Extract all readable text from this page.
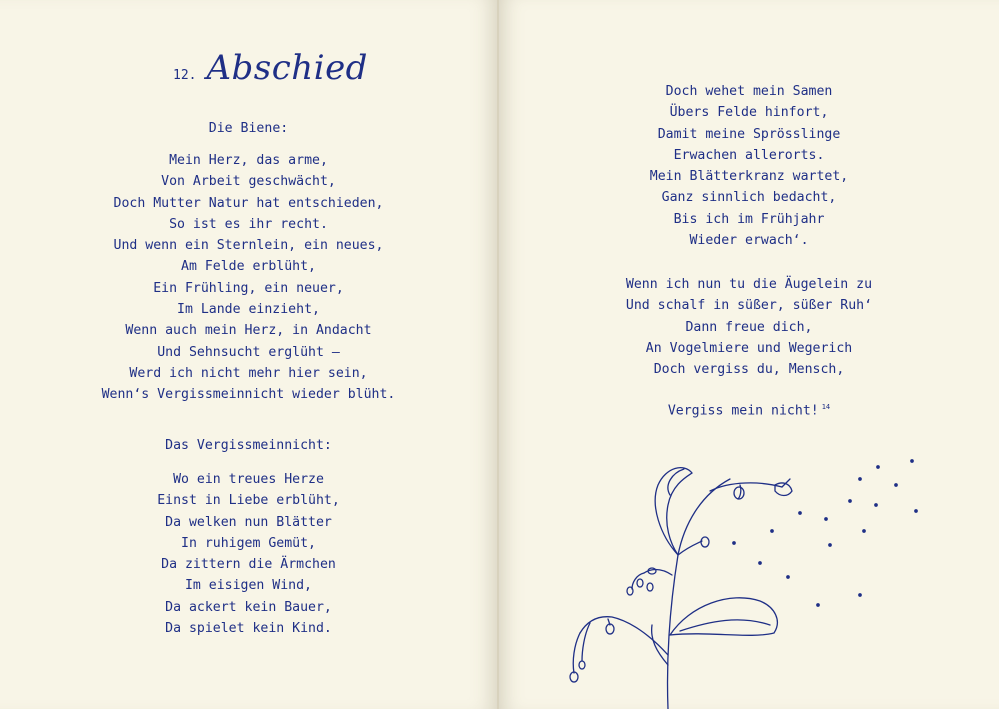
12. Abschied
Die Biene:
Mein Herz, das arme,
Von Arbeit geschwächt,
Doch Mutter Natur hat entschieden,
So ist es ihr recht.
Und wenn ein Sternlein, ein neues,
Am Felde erblüht,
Ein Frühling, ein neuer,
Im Lande einzieht,
Wenn auch mein Herz, in Andacht
Und Sehnsucht erglüht –
Werd ich nicht mehr hier sein,
Wenn‘s Vergissmeinnicht wieder blüht.
Das Vergissmeinnicht:
Wo ein treues Herze
Einst in Liebe erblüht,
Da welken nun Blätter
In ruhigem Gemüt,
Da zittern die Ärmchen
Im eisigen Wind,
Da ackert kein Bauer,
Da spielet kein Kind.
Doch wehet mein Samen
Übers Felde hinfort,
Damit meine Sprösslinge
Erwachen allerorts.
Mein Blätterkranz wartet,
Ganz sinnlich bedacht,
Bis ich im Frühjahr
Wieder erwach‘.
Wenn ich nun tu die Äugelein zu
Und schalf in süßer, süßer Ruh‘
Dann freue dich,
An Vogelmiere und Wegerich
Doch vergiss du, Mensch,
Vergiss mein nicht! $^{14}$
